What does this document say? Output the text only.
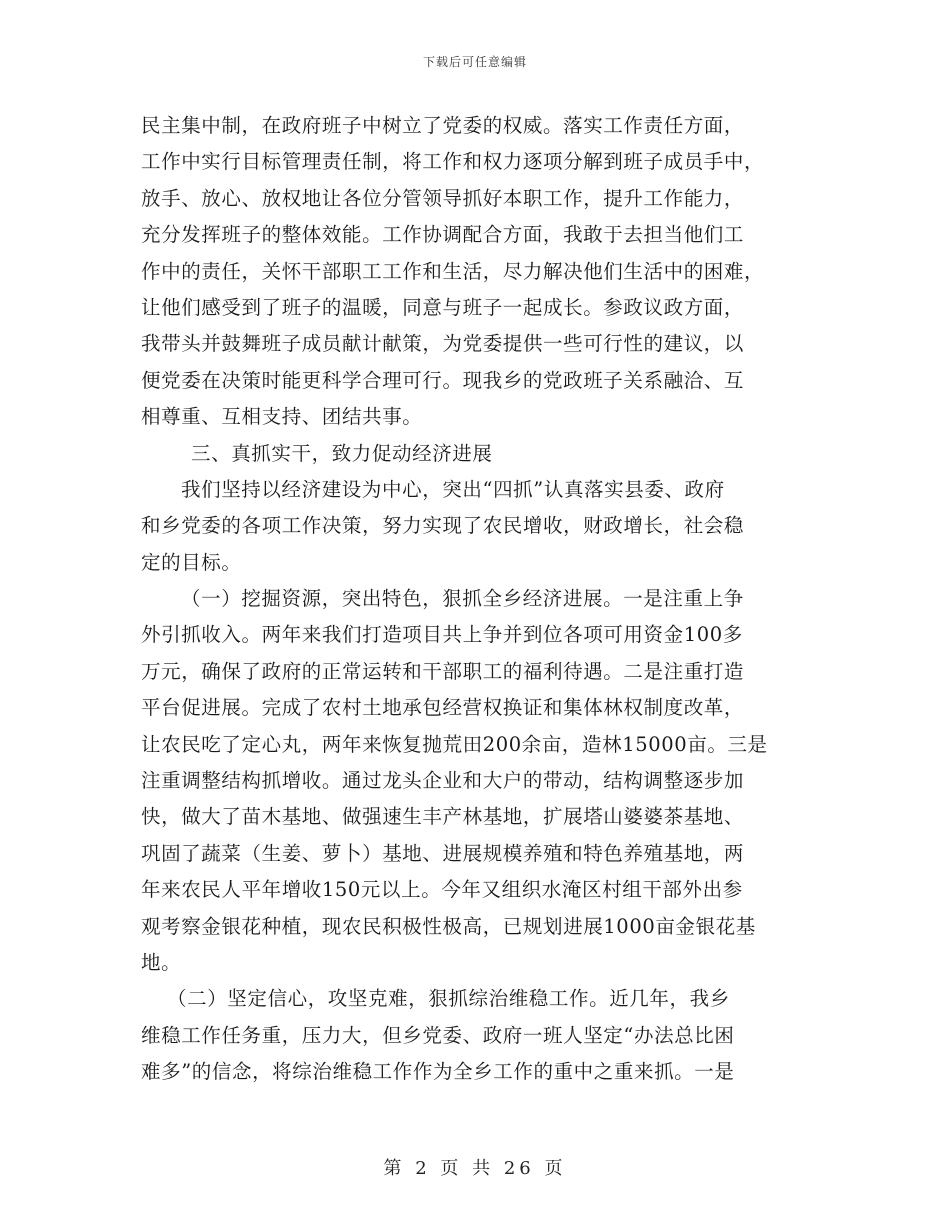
下载后可任意编辑
民主集中制，在政府班子中树立了党委的权威。落实工作责任方面，
工作中实行目标管理责任制，将工作和权力逐项分解到班子成员手中，
放手、放心、放权地让各位分管领导抓好本职工作，提升工作能力，
充分发挥班子的整体效能。工作协调配合方面，我敢于去担当他们工
作中的责任，关怀干部职工工作和生活，尽力解决他们生活中的困难，
让他们感受到了班子的温暖，同意与班子一起成长。参政议政方面，
我带头并鼓舞班子成员献计献策，为党委提供一些可行性的建议，以
便党委在决策时能更科学合理可行。现我乡的党政班子关系融洽、互
相尊重、互相支持、团结共事。
三、真抓实干，致力促动经济进展
我们坚持以经济建设为中心，突出“四抓”认真落实县委、政府
和乡党委的各项工作决策，努力实现了农民增收，财政增长，社会稳
定的目标。
（一）挖掘资源，突出特色，狠抓全乡经济进展。一是注重上争
外引抓收入。两年来我们打造项目共上争并到位各项可用资金100多
万元，确保了政府的正常运转和干部职工的福利待遇。二是注重打造
平台促进展。完成了农村土地承包经营权换证和集体林权制度改革，
让农民吃了定心丸，两年来恢复抛荒田200余亩，造林15000亩。三是
注重调整结构抓增收。通过龙头企业和大户的带动，结构调整逐步加
快，做大了苗木基地、做强速生丰产林基地，扩展塔山婆婆茶基地、
巩固了蔬菜（生姜、萝卜）基地、进展规模养殖和特色养殖基地，两
年来农民人平年增收150元以上。今年又组织水淹区村组干部外出参
观考察金银花种植，现农民积极性极高，已规划进展1000亩金银花基
地。
（二）坚定信心，攻坚克难，狠抓综治维稳工作。近几年，我乡
维稳工作任务重，压力大，但乡党委、政府一班人坚定“办法总比困
难多”的信念，将综治维稳工作作为全乡工作的重中之重来抓。一是
第 2 页 共 26 页
